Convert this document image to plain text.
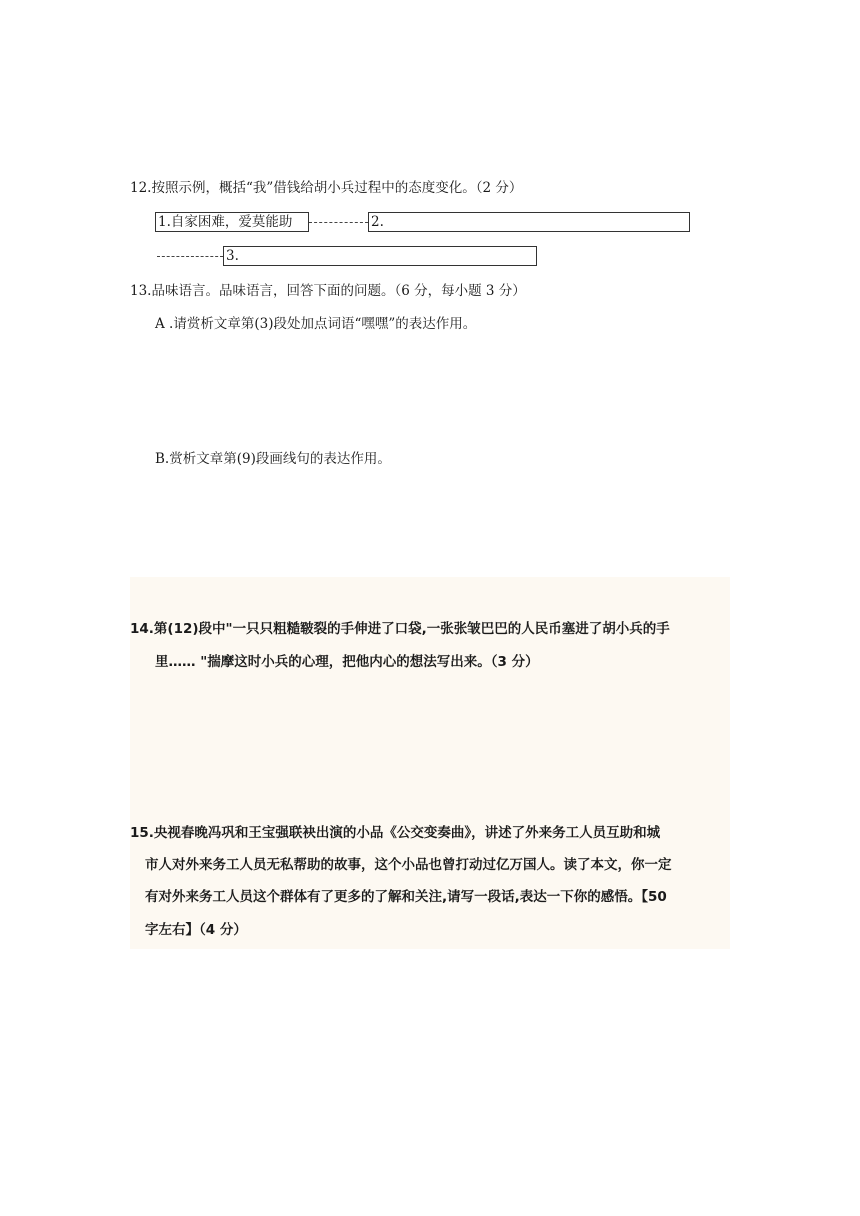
12.按照示例，概括“我”借钱给胡小兵过程中的态度变化。（2 分）
1.自家困难，爱莫能助	2.
3.
13.品味语言。品味语言，回答下面的问题。（6 分，每小题 3 分）
A .请赏析文章第(3)段处加点词语“嘿嘿”的表达作用。
B.赏析文章第(9)段画线句的表达作用。
14.第(12)段中"一只只粗糙皲裂的手伸进了口袋,一张张皱巴巴的人民币塞进了胡小兵的手
里…… "揣摩这时小兵的心理，把他内心的想法写出来。（3 分）
15.央视春晚冯巩和王宝强联袂出演的小品《公交变奏曲》，讲述了外来务工人员互助和城
市人对外来务工人员无私帮助的故事，这个小品也曾打动过亿万国人。读了本文，你一定
有对外来务工人员这个群体有了更多的了解和关注,请写一段话,表达一下你的感悟。【50
字左右】（4 分）
